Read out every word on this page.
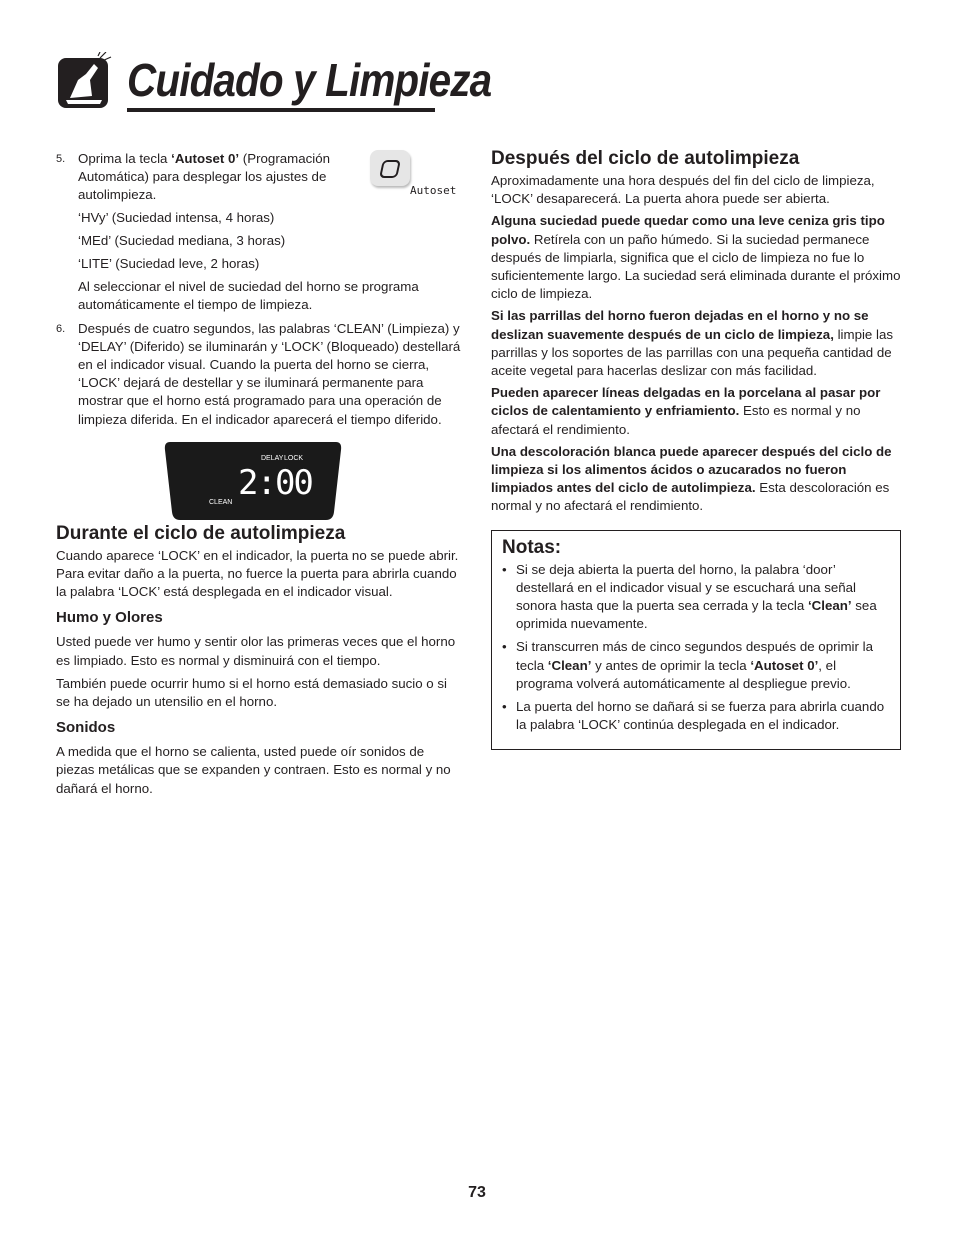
Cuidado y Limpieza
Autoset
DELAY LOCK
2:00
CLEAN
5. Oprima la tecla ‘Autoset 0’ (Programación Automática) para desplegar los ajustes de autolimpieza.

‘HVy’ (Suciedad intensa, 4 horas)

‘MEd’ (Suciedad mediana, 3 horas)

‘LITE’ (Suciedad leve, 2 horas)

Al seleccionar el nivel de suciedad del horno se programa automáticamente el tiempo de limpieza.

6. Después de cuatro segundos, las palabras ‘CLEAN’ (Limpieza) y ‘DELAY’ (Diferido) se iluminarán y ‘LOCK’ (Bloqueado) destellará en el indicador visual. Cuando la puerta del horno se cierra, ‘LOCK’ dejará de destellar y se iluminará permanente para mostrar que el horno está programado para una operación de limpieza diferida. En el indicador aparecerá el tiempo diferido.
Durante el ciclo de autolimpieza

Cuando aparece ‘LOCK’ en el indicador, la puerta no se puede abrir. Para evitar daño a la puerta, no fuerce la puerta para abrirla cuando la palabra ‘LOCK’ está desplegada en el indicador visual.

Humo y Olores

Usted puede ver humo y sentir olor las primeras veces que el horno es limpiado. Esto es normal y disminuirá con el tiempo.

También puede ocurrir humo si el horno está demasiado sucio o si se ha dejado un utensilio en el horno.

Sonidos

A medida que el horno se calienta, usted puede oír sonidos de piezas metálicas que se expanden y contraen. Esto es normal y no dañará el horno.

Después del ciclo de autolimpieza

Aproximadamente una hora después del fin del ciclo de limpieza, ‘LOCK’ desaparecerá. La puerta ahora puede ser abierta.

Alguna suciedad puede quedar como una leve ceniza gris tipo polvo. Retírela con un paño húmedo. Si la suciedad permanece después de limpiarla, significa que el ciclo de limpieza no fue lo suficientemente largo. La suciedad será eliminada durante el próximo ciclo de limpieza.

Si las parrillas del horno fueron dejadas en el horno y no se deslizan suavemente después de un ciclo de limpieza, limpie las parrillas y los soportes de las parrillas con una pequeña cantidad de aceite vegetal para hacerlas deslizar con más facilidad.

Pueden aparecer líneas delgadas en la porcelana al pasar por ciclos de calentamiento y enfriamiento. Esto es normal y no afectará el rendimiento.

Una descoloración blanca puede aparecer después del ciclo de limpieza si los alimentos ácidos o azucarados no fueron limpiados antes del ciclo de autolimpieza. Esta descoloración es normal y no afectará el rendimiento.

Notas:
• Si se deja abierta la puerta del horno, la palabra ‘door’ destellará en el indicador visual y se escuchará una señal sonora hasta que la puerta sea cerrada y la tecla ‘Clean’ sea oprimida nuevamente.
• Si transcurren más de cinco segundos después de oprimir la tecla ‘Clean’ y antes de oprimir la tecla ‘Autoset 0’, el programa volverá automáticamente al despliegue previo.
• La puerta del horno se dañará si se fuerza para abrirla cuando la palabra ‘LOCK’ continúa desplegada en el indicador.
73
